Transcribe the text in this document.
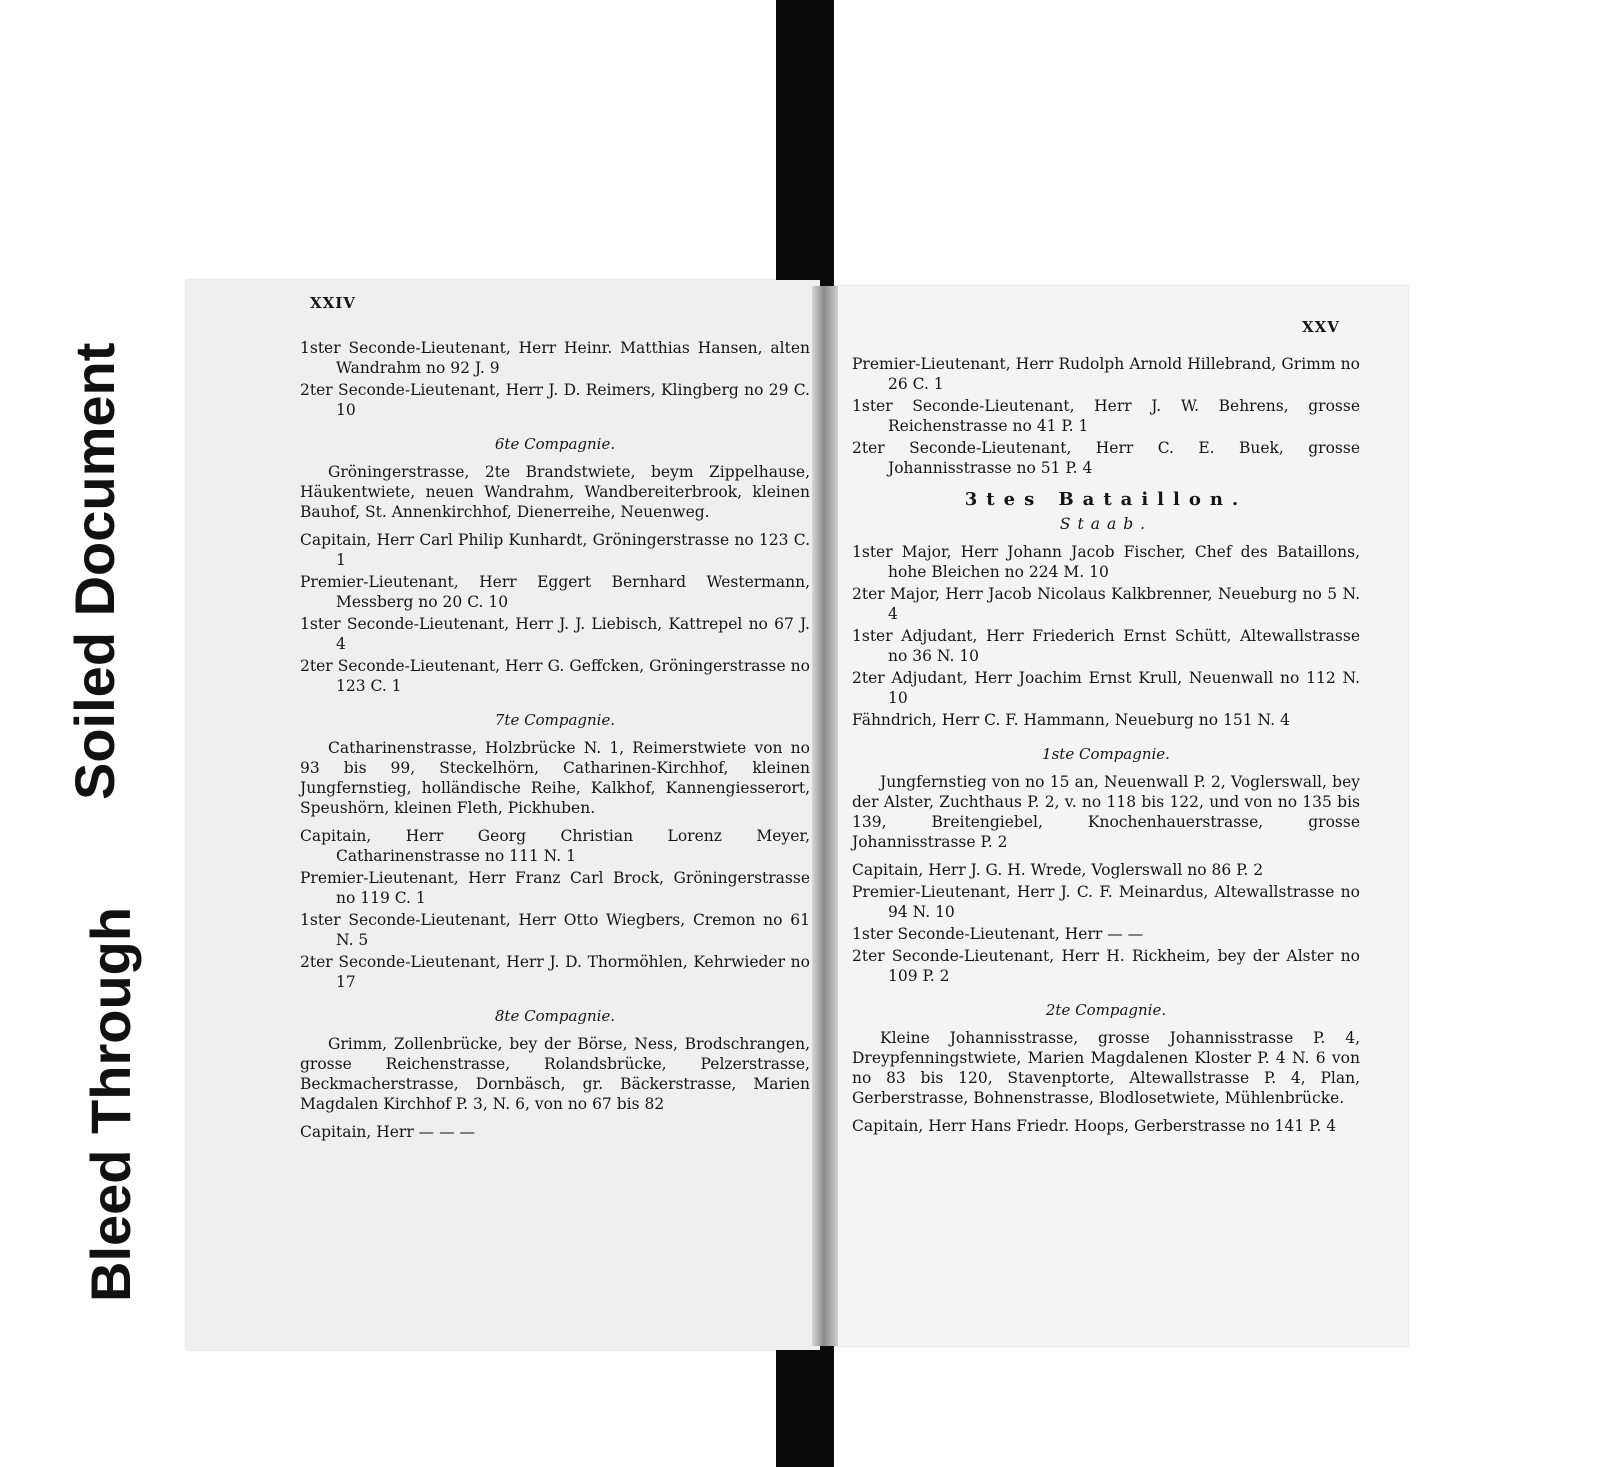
Soiled Document
Bleed Through
XXIV
XXV

1ster Seconde-Lieutenant, Herr Heinr. Matthias Hansen, alten Wandrahm no 92 J. 9

2ter Seconde-Lieutenant, Herr J. D. Reimers, Klingberg no 29 C. 10

6te Compagnie.

Gröningerstrasse, 2te Brandstwiete, beym Zippelhause, Häukentwiete, neuen Wandrahm, Wandbereiterbrook, kleinen Bauhof, St. Annenkirchhof, Dienerreihe, Neuenweg.

Capitain, Herr Carl Philip Kunhardt, Gröningerstrasse no 123 C. 1

Premier-Lieutenant, Herr Eggert Bernhard Westermann, Messberg no 20 C. 10

1ster Seconde-Lieutenant, Herr J. J. Liebisch, Kattrepel no 67 J. 4

2ter Seconde-Lieutenant, Herr G. Geffcken, Gröningerstrasse no 123 C. 1

7te Compagnie.

Catharinenstrasse, Holzbrücke N. 1, Reimerstwiete von no 93 bis 99, Steckelhörn, Catharinen-Kirchhof, kleinen Jungfernstieg, holländische Reihe, Kalkhof, Kannengiesserort, Speushörn, kleinen Fleth, Pickhuben.

Capitain, Herr Georg Christian Lorenz Meyer, Catharinenstrasse no 111 N. 1

Premier-Lieutenant, Herr Franz Carl Brock, Gröningerstrasse no 119 C. 1

1ster Seconde-Lieutenant, Herr Otto Wiegbers, Cremon no 61 N. 5

2ter Seconde-Lieutenant, Herr J. D. Thormöhlen, Kehrwieder no 17

8te Compagnie.

Grimm, Zollenbrücke, bey der Börse, Ness, Brodschrangen, grosse Reichenstrasse, Rolandsbrücke, Pelzerstrasse, Beckmacherstrasse, Dornbäsch, gr. Bäckerstrasse, Marien Magdalen Kirchhof P. 3, N. 6, von no 67 bis 82

Capitain, Herr — — —

Premier-Lieutenant, Herr Rudolph Arnold Hillebrand, Grimm no 26 C. 1

1ster Seconde-Lieutenant, Herr J. W. Behrens, grosse Reichenstrasse no 41 P. 1

2ter Seconde-Lieutenant, Herr C. E. Buek, grosse Johannisstrasse no 51 P. 4

3tes Bataillon.
Staab.

1ster Major, Herr Johann Jacob Fischer, Chef des Bataillons, hohe Bleichen no 224 M. 10

2ter Major, Herr Jacob Nicolaus Kalkbrenner, Neueburg no 5 N. 4

1ster Adjudant, Herr Friederich Ernst Schütt, Altewallstrasse no 36 N. 10

2ter Adjudant, Herr Joachim Ernst Krull, Neuenwall no 112 N. 10

Fähndrich, Herr C. F. Hammann, Neueburg no 151 N. 4

1ste Compagnie.

Jungfernstieg von no 15 an, Neuenwall P. 2, Voglerswall, bey der Alster, Zuchthaus P. 2, v. no 118 bis 122, und von no 135 bis 139, Breitengiebel, Knochenhauerstrasse, grosse Johannisstrasse P. 2

Capitain, Herr J. G. H. Wrede, Voglerswall no 86 P. 2

Premier-Lieutenant, Herr J. C. F. Meinardus, Altewallstrasse no 94 N. 10

1ster Seconde-Lieutenant, Herr — —

2ter Seconde-Lieutenant, Herr H. Rickheim, bey der Alster no 109 P. 2

2te Compagnie.

Kleine Johannisstrasse, grosse Johannisstrasse P. 4, Dreypfenningstwiete, Marien Magdalenen Kloster P. 4 N. 6 von no 83 bis 120, Stavenptorte, Altewallstrasse P. 4, Plan, Gerberstrasse, Bohnenstrasse, Blodlosetwiete, Mühlenbrücke.

Capitain, Herr Hans Friedr. Hoops, Gerberstrasse no 141 P. 4
